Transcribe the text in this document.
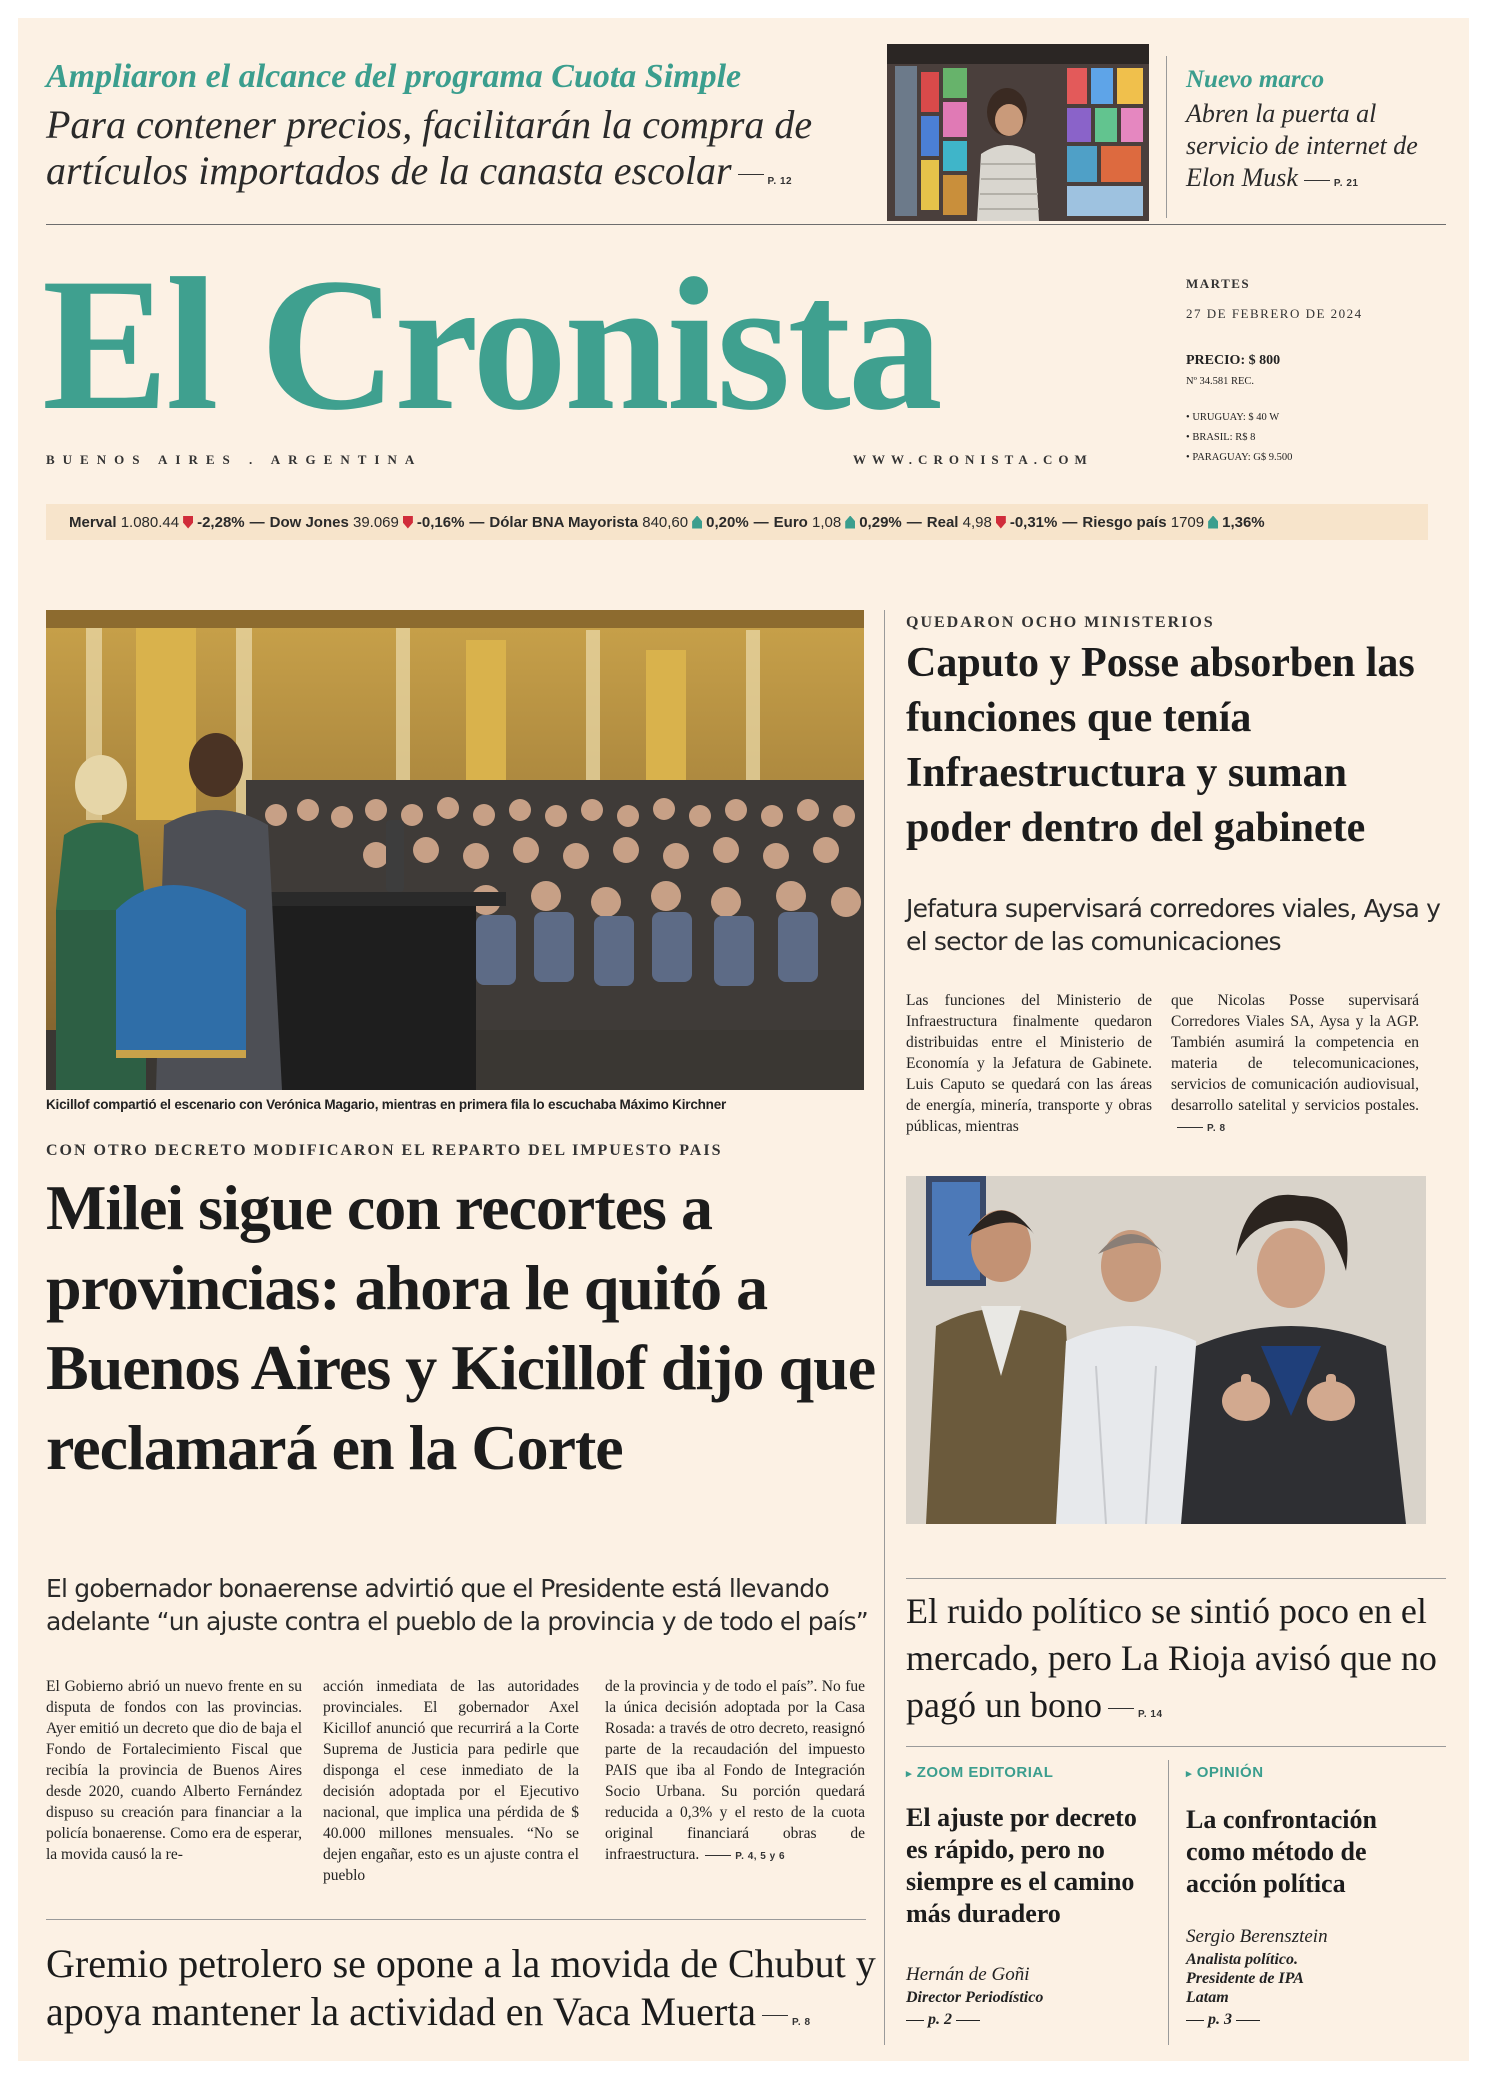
Ampliaron el alcance del programa Cuota Simple
Para contener precios, facilitarán la compra de artículos importados de la canasta escolar	P. 12
Nuevo marco
Abren la puerta al servicio de internet de Elon Musk	P. 21
El Cronista
BUENOS AIRES . ARGENTINA	WWW.CRONISTA.COM
MARTES
27 DE FEBRERO DE 2024
PRECIO: $ 800
Nº 34.581 REC.
• URUGUAY: $ 40 W
• BRASIL: R$ 8
• PARAGUAY: G$ 9.500
Merval 1.080.44 -2,28% — Dow Jones 39.069 -0,16% — Dólar BNA Mayorista 840,60 0,20% — Euro 1,08 0,29% — Real 4,98 -0,31% — Riesgo país 1709 1,36%
Kicillof compartió el escenario con Verónica Magario, mientras en primera fila lo escuchaba Máximo Kirchner
CON OTRO DECRETO MODIFICARON EL REPARTO DEL IMPUESTO PAIS
Milei sigue con recortes a provincias: ahora le quitó a Buenos Aires y Kicillof dijo que reclamará en la Corte
El gobernador bonaerense advirtió que el Presidente está llevando adelante “un ajuste contra el pueblo de la provincia y de todo el país”
El Gobierno abrió un nuevo frente en su disputa de fondos con las provincias. Ayer emitió un decreto que dio de baja el Fondo de Fortalecimiento Fiscal que recibía la provincia de Buenos Aires desde 2020, cuando Alberto Fernández dispuso su creación para financiar a la policía bonaerense. Como era de esperar, la movida causó la re-
acción inmediata de las autoridades provinciales. El gobernador Axel Kicillof anunció que recurrirá a la Corte Suprema de Justicia para pedirle que disponga el cese inmediato de la decisión adoptada por el Ejecutivo nacional, que implica una pérdida de $ 40.000 millones mensuales. “No se dejen engañar, esto es un ajuste contra el pueblo
de la provincia y de todo el país”. No fue la única decisión adoptada por la Casa Rosada: a través de otro decreto, reasignó parte de la recaudación del impuesto PAIS que iba al Fondo de Integración Socio Urbana. Su porción quedará reducida a 0,3% y el resto de la cuota original financiará obras de infraestructura.	P. 4, 5 y 6
Gremio petrolero se opone a la movida de Chubut y apoya mantener la actividad en Vaca Muerta	P. 8
QUEDARON OCHO MINISTERIOS
Caputo y Posse absorben las funciones que tenía Infraestructura y suman poder dentro del gabinete
Jefatura supervisará corredores viales, Aysa y el sector de las comunicaciones
Las funciones del Ministerio de Infraestructura finalmente quedaron distribuidas entre el Ministerio de Economía y la Jefatura de Gabinete. Luis Caputo se quedará con las áreas de energía, minería, transporte y obras públicas, mientras
que Nicolas Posse supervisará Corredores Viales SA, Aysa y la AGP. También asumirá la competencia en materia de telecomunicaciones, servicios de comunicación audiovisual, desarrollo satelital y servicios postales.P. 8
El ruido político se sintió poco en el mercado, pero La Rioja avisó que no pagó un bono	P. 14
▸ ZOOM EDITORIAL
El ajuste por decreto es rápido, pero no siempre es el camino más duradero
Hernán de Goñi
Director Periodístico
p. 2
▸ OPINIÓN
La confrontación como método de acción política
Sergio Berensztein
Analista político. Presidente de IPA Latam
p. 3
